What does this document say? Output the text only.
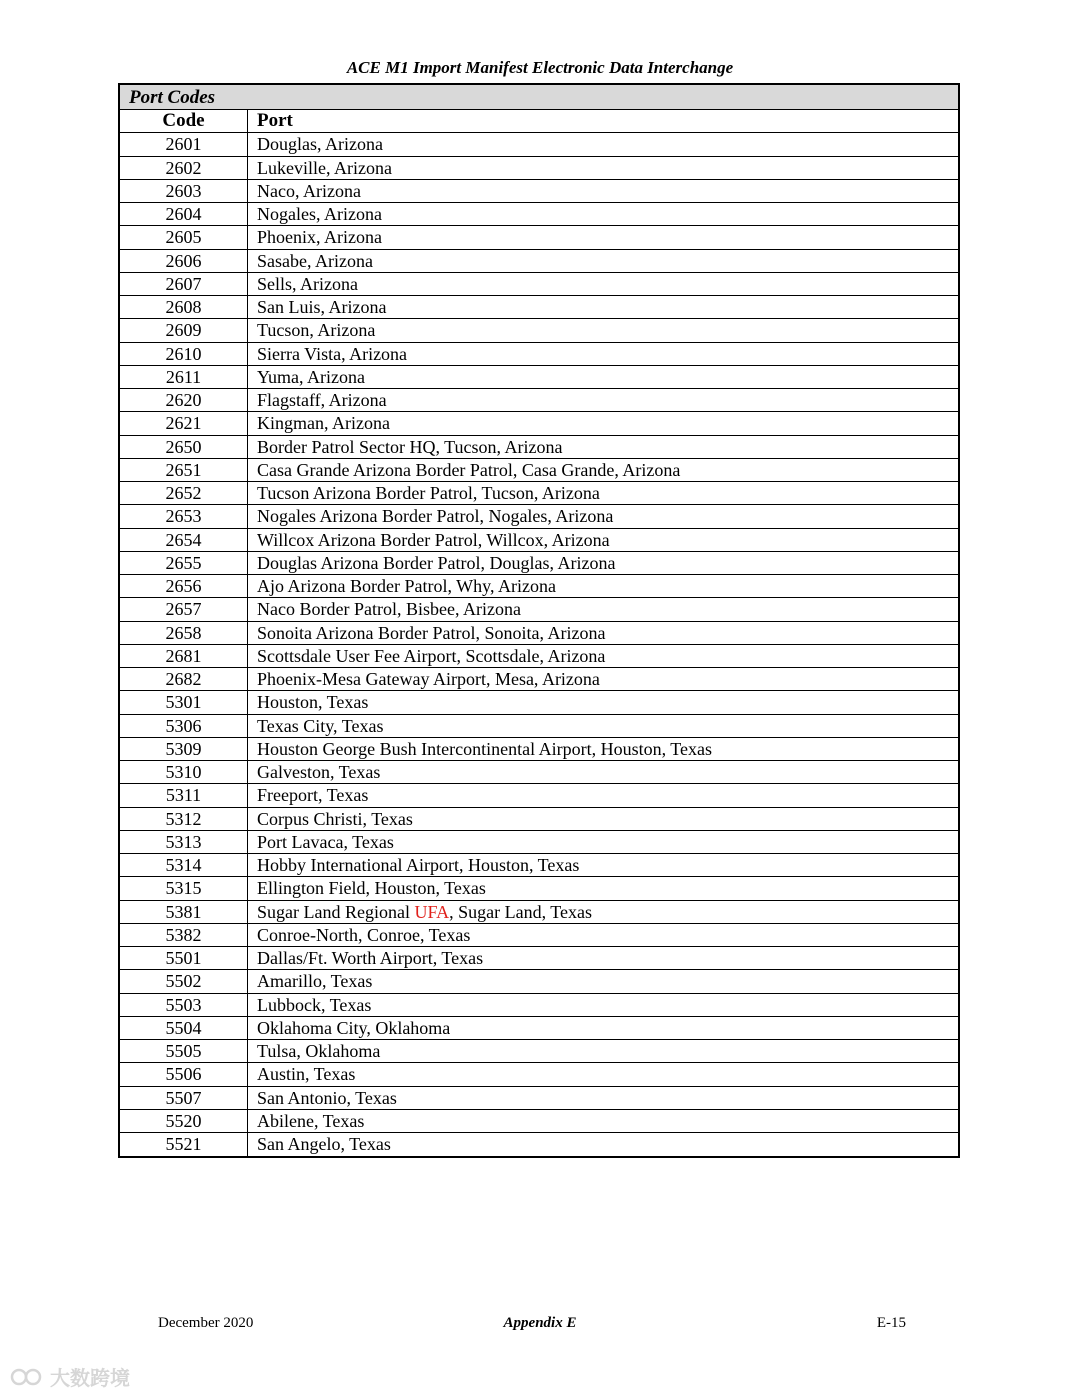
ACE M1 Import Manifest Electronic Data Interchange
Port Codes
Code	Port
2601	Douglas, Arizona
2602	Lukeville, Arizona
2603	Naco, Arizona
2604	Nogales, Arizona
2605	Phoenix, Arizona
2606	Sasabe, Arizona
2607	Sells, Arizona
2608	San Luis, Arizona
2609	Tucson, Arizona
2610	Sierra Vista, Arizona
2611	Yuma, Arizona
2620	Flagstaff, Arizona
2621	Kingman, Arizona
2650	Border Patrol Sector HQ, Tucson, Arizona
2651	Casa Grande Arizona Border Patrol, Casa Grande, Arizona
2652	Tucson Arizona Border Patrol, Tucson, Arizona
2653	Nogales Arizona Border Patrol, Nogales, Arizona
2654	Willcox Arizona Border Patrol, Willcox, Arizona
2655	Douglas Arizona Border Patrol, Douglas, Arizona
2656	Ajo Arizona Border Patrol, Why, Arizona
2657	Naco Border Patrol, Bisbee, Arizona
2658	Sonoita Arizona Border Patrol, Sonoita, Arizona
2681	Scottsdale User Fee Airport, Scottsdale, Arizona
2682	Phoenix-Mesa Gateway Airport, Mesa, Arizona
5301	Houston, Texas
5306	Texas City, Texas
5309	Houston George Bush Intercontinental Airport, Houston, Texas
5310	Galveston, Texas
5311	Freeport, Texas
5312	Corpus Christi, Texas
5313	Port Lavaca, Texas
5314	Hobby International Airport, Houston, Texas
5315	Ellington Field, Houston, Texas
5381	Sugar Land Regional UFA, Sugar Land, Texas
5382	Conroe-North, Conroe, Texas
5501	Dallas/Ft. Worth Airport, Texas
5502	Amarillo, Texas
5503	Lubbock, Texas
5504	Oklahoma City, Oklahoma
5505	Tulsa, Oklahoma
5506	Austin, Texas
5507	San Antonio, Texas
5520	Abilene, Texas
5521	San Angelo, Texas
December 2020	Appendix E	E-15
大数跨境
